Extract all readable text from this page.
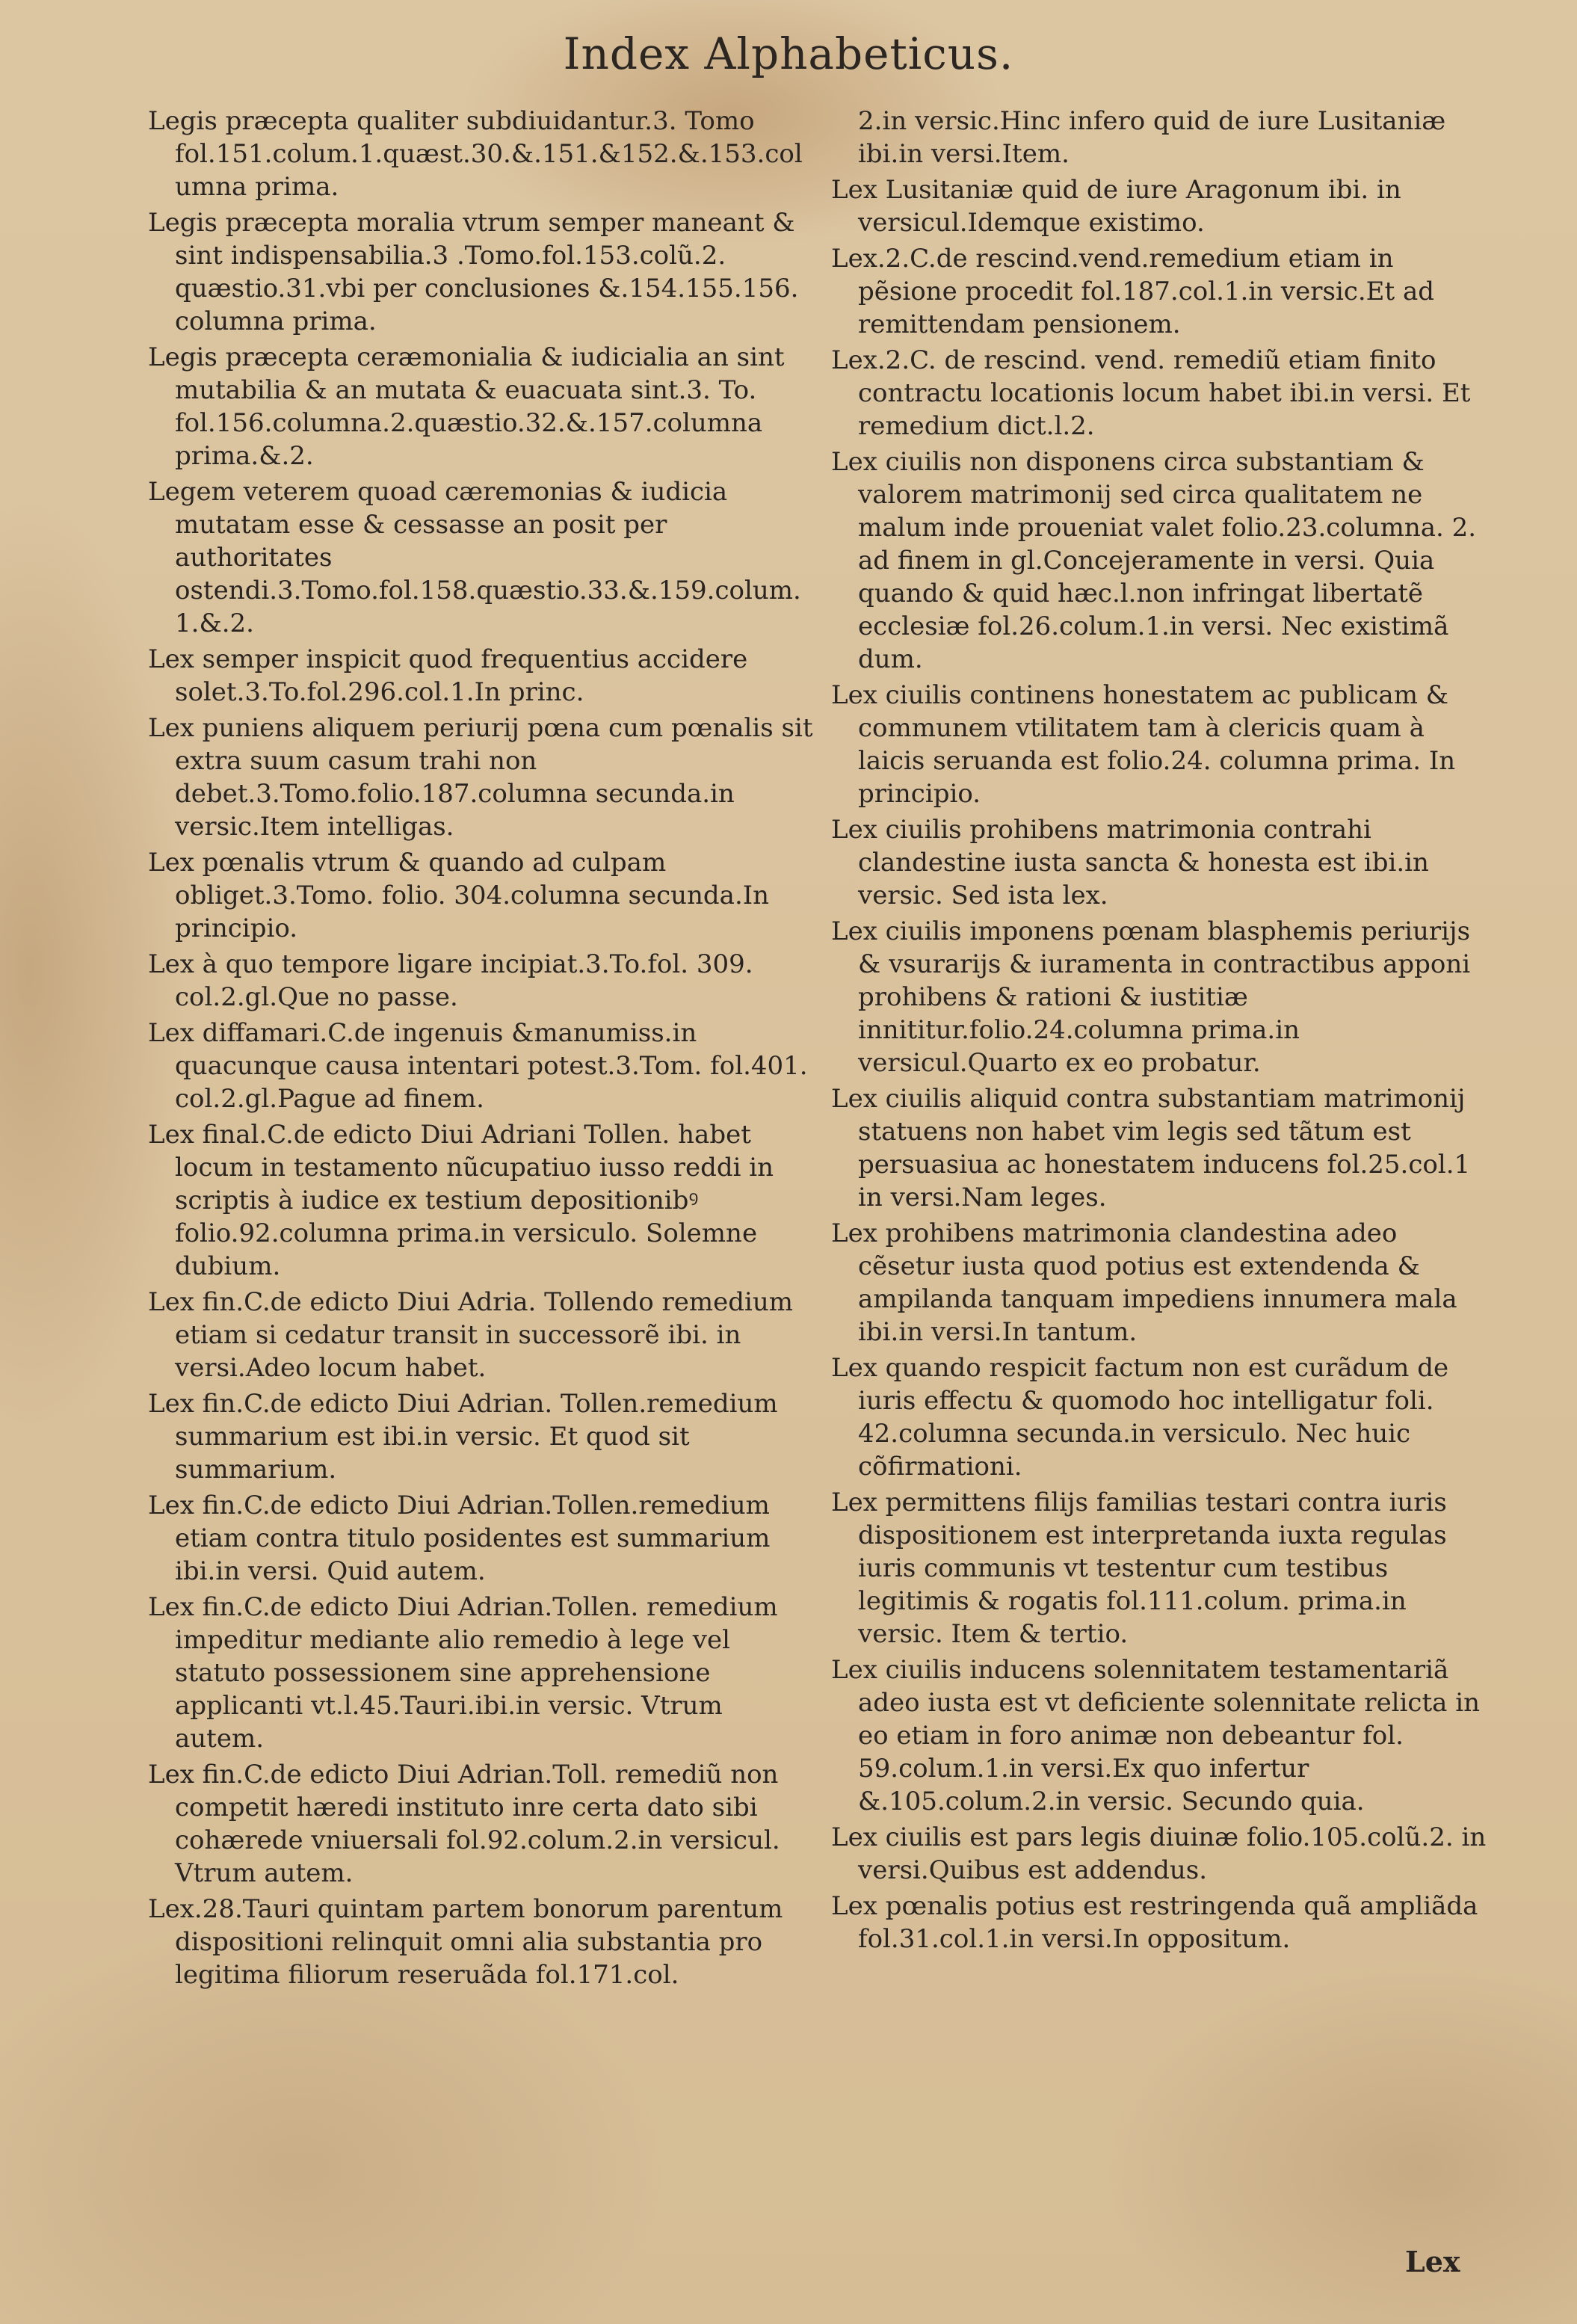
Index Alphabeticus.

Legis præcepta qualiter subdiuidantur.3. Tomo fol.151.colum.1.quæst.30.&.151.&152.&.153.columna prima.

Legis præcepta moralia vtrum semper maneant & sint indispensabilia.3 .Tomo.fol.153.colũ.2. quæstio.31.vbi per conclusiones &.154.155.156. columna prima.

Legis præcepta ceræmonialia & iudicialia an sint mutabilia & an mutata & euacuata sint.3. To. fol.156.columna.2.quæstio.32.&.157.columna prima.&.2.

Legem veterem quoad cæremonias & iudicia mutatam esse & cessasse an posit per authoritates ostendi.3.Tomo.fol.158.quæstio.33.&.159.colum.1.&.2.

Lex semper inspicit quod frequentius accidere solet.3.To.fol.296.col.1.In princ.

Lex puniens aliquem periurij pœna cum pœnalis sit extra suum casum trahi non debet.3.Tomo.folio.187.columna secunda.in versic.Item intelligas.

Lex pœnalis vtrum & quando ad culpam obliget.3.Tomo. folio. 304.columna secunda.In principio.

Lex à quo tempore ligare incipiat.3.To.fol. 309. col.2.gl.Que no passe.

Lex diffamari.C.de ingenuis &manumiss.in quacunque causa intentari potest.3.Tom. fol.401. col.2.gl.Pague ad finem.

Lex final.C.de edicto Diui Adriani Tollen. habet locum in testamento nũcupatiuo iusso reddi in scriptis à iudice ex testium depositionibꝰ folio.92.columna prima.in versiculo. Solemne dubium.

Lex fin.C.de edicto Diui Adria. Tollendo remedium etiam si cedatur transit in successorẽ ibi. in versi.Adeo locum habet.

Lex fin.C.de edicto Diui Adrian. Tollen.remedium summarium est ibi.in versic. Et quod sit summarium.

Lex fin.C.de edicto Diui Adrian.Tollen.remedium etiam contra titulo posidentes est summarium ibi.in versi. Quid autem.

Lex fin.C.de edicto Diui Adrian.Tollen. remedium impeditur mediante alio remedio à lege vel statuto possessionem sine apprehensione applicanti vt.l.45.Tauri.ibi.in versic. Vtrum autem.

Lex fin.C.de edicto Diui Adrian.Toll. remediũ non competit hæredi instituto inre certa dato sibi cohærede vniuersali fol.92.colum.2.in versicul. Vtrum autem.

Lex.28.Tauri quintam partem bonorum parentum dispositioni relinquit omni alia substantia pro legitima filiorum reseruãda fol.171.col.

2.in versic.Hinc infero quid de iure Lusitaniæ ibi.in versi.Item.

Lex Lusitaniæ quid de iure Aragonum ibi. in versicul.Idemque existimo.

Lex.2.C.de rescind.vend.remedium etiam in pẽsione procedit fol.187.col.1.in versic.Et ad remittendam pensionem.

Lex.2.C. de rescind. vend. remediũ etiam finito contractu locationis locum habet ibi.in versi. Et remedium dict.l.2.

Lex ciuilis non disponens circa substantiam & valorem matrimonij sed circa qualitatem ne malum inde proueniat valet folio.23.columna. 2. ad finem in gl.Concejeramente in versi. Quia quando & quid hæc.l.non infringat libertatẽ ecclesiæ fol.26.colum.1.in versi. Nec existimã dum.

Lex ciuilis continens honestatem ac publicam & communem vtilitatem tam à clericis quam à laicis seruanda est folio.24. columna prima. In principio.

Lex ciuilis prohibens matrimonia contrahi clandestine iusta sancta & honesta est ibi.in versic. Sed ista lex.

Lex ciuilis imponens pœnam blasphemis periurijs & vsurarijs & iuramenta in contractibus apponi prohibens & rationi & iustitiæ innititur.folio.24.columna prima.in versicul.Quarto ex eo probatur.

Lex ciuilis aliquid contra substantiam matrimonij statuens non habet vim legis sed tãtum est persuasiua ac honestatem inducens fol.25.col.1 in versi.Nam leges.

Lex prohibens matrimonia clandestina adeo cẽsetur iusta quod potius est extendenda & ampilanda tanquam impediens innumera mala ibi.in versi.In tantum.

Lex quando respicit factum non est curãdum de iuris effectu & quomodo hoc intelligatur foli. 42.columna secunda.in versiculo. Nec huic cõfirmationi.

Lex permittens filijs familias testari contra iuris dispositionem est interpretanda iuxta regulas iuris communis vt testentur cum testibus legitimis & rogatis fol.111.colum. prima.in versic. Item & tertio.

Lex ciuilis inducens solennitatem testamentariã adeo iusta est vt deficiente solennitate relicta in eo etiam in foro animæ non debeantur fol. 59.colum.1.in versi.Ex quo infertur &.105.colum.2.in versic. Secundo quia.

Lex ciuilis est pars legis diuinæ folio.105.colũ.2. in versi.Quibus est addendus.

Lex pœnalis potius est restringenda quã ampliãda fol.31.col.1.in versi.In oppositum.

Lex
